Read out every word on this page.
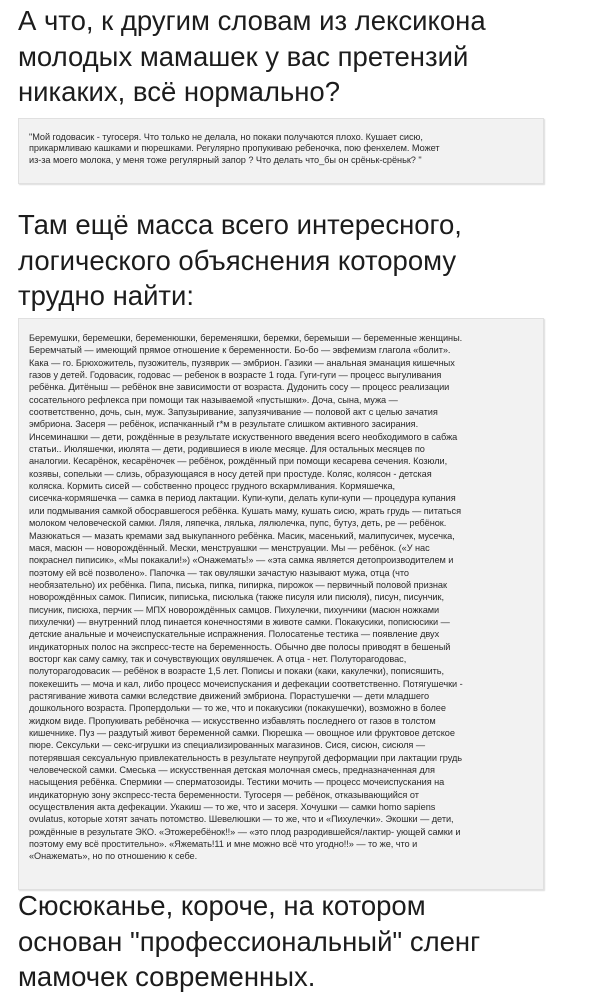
А что, к другим словам из лексикона
молодых мамашек у вас претензий
никаких, всё нормально?
"Мой годовасик - тугосеря. Что только не делала, но покаки получаются плохо. Кушает сисю,
прикармливаю кашками и пюрешками. Регулярно пропукиваю ребеночка, пою фенхелем. Может
из-за моего молока, у меня тоже регулярный запор ? Что делать что_бы он срёньк-срёньк? "
Там ещё масса всего интересного,
логического объяснения которому
трудно найти:
Беремушки, беремешки, беременюшки, беременяшки, беремки, беремыши — беременные женщины.
Беремчатый — имеющий прямое отношение к беременности. Бо-бо — эвфемизм глагола «болит».
Кака — го. Брюхожитель, пузожитель, пузяврик — эмбрион. Газики — анальная эманация кишечных
газов у детей. Годовасик, годовас — ребенок в возрасте 1 года. Гуги-гуги — процесс выгуливания
ребёнка. Дитёныш — ребёнок вне зависимости от возраста. Дудонить сосу — процесс реализации
сосательного рефлекса при помощи так называемой «пустышки». Доча, сына, мужа —
соответственно, дочь, сын, муж. Запузыривание, запузячивание — половой акт с целью зачатия
эмбриона. Засеря — ребёнок, испачканный г*м в результате слишком активного засирания.
Инсеминашки — дети, рождённые в результате искуственного введения всего необходимого в сабжа
статьи.. Июляшечки, июлята — дети, родившиеся в июле месяце. Для остальных месяцев по
аналогии. Кесарёнок, кесарёночек — ребёнок, рождённый при помощи кесарева сечения. Козюли,
козявы, сопельки — слизь, образующаяся в носу детей при простуде. Коляс, колясон - детская
коляска. Кормить сисей — собственно процесс грудного вскармливания. Кормяшечка,
сисечка-кормяшечка — самка в период лактации. Купи-купи, делать купи-купи — процедура купания
или подмывания самкой обосравшегося ребёнка. Кушать маму, кушать сисю, жрать грудь — питаться
молоком человеческой самки. Ляля, ляпечка, лялька, лялюлечка, пупс, бутуз, деть, ре — ребёнок.
Мазюкаться — мазать кремами зад выкупанного ребёнка. Масик, масенький, малипусичек, мусечка,
мася, масюн — новорождённый. Мески, менструашки — менструации. Мы — ребёнок. («У нас
покраснел пиписик», «Мы покакали!») «Онажемать!» — «эта самка является детопроизводителем и
поэтому ей всё позволено». Папочка — так овуляшки зачастую называют мужа, отца (что
необязательно) их ребёнка. Пипа, писька, пипка, пипирка, пирожок — первичный половой признак
новорождённых самок. Пиписик, пиписька, писюлька (также писуля или писюля), писун, писунчик,
писуник, писюха, перчик — МПХ новорождённых самцов. Пихулечки, пихунчики (масюн ножками
пихулечки) — внутренний плод пинается конечностями в животе самки. Покакусики, пописюсики —
детские анальные и мочеиспускательные испражнения. Полосатенье тестика — появление двух
индикаторных полос на экспресс-тесте на беременность. Обычно две полосы приводят в бешеный
восторг как саму самку, так и сочувствующих овуляшечек. А отца - нет. Полуторагодовас,
полуторагодовасик — ребёнок в возрасте 1,5 лет. Пописы и покаки (каки, какулечки), пописяшить,
покекешить — моча и кал, либо процесс мочеиспускания и дефекации соответственно. Потягушечки -
растягивание живота самки вследствие движений эмбриона. Порастушечки — дети младшего
дошкольного возраста. Пропердольки — то же, что и покакусики (покакушечки), возможно в более
жидком виде. Пропукивать ребёночка — искусственно избавлять последнего от газов в толстом
кишечнике. Пуз — раздутый живот беременной самки. Пюрешка — овощное или фруктовое детское
пюре. Сексульки — секс-игрушки из специализированных магазинов. Сися, сисюн, сисюля —
потерявшая сексуальную привлекательность в результате неупругой деформации при лактации грудь
человеческой самки. Смеська — искусственная детская молочная смесь, предназначенная для
насыщения ребёнка. Спермики — сперматозоиды. Тестики мочить — процесс мочеиспускания на
индикаторную зону экспресс-теста беременности. Тугосеря — ребёнок, отказывающийся от
осуществления акта дефекации. Укакиш — то же, что и засеря. Хочушки — самки homo sapiens
ovulatus, которые хотят зачать потомство. Шевелюшки — то же, что и «Пихулечки». Экошки — дети,
рождённые в результате ЭКО. «Этожеребёнок!!» — «это плод разродившейся/лактир- ующей самки и
поэтому ему всё простительно». «Яжемать!11 и мне можно всё что угодно!!» — то же, что и
«Онажемать», но по отношению к себе.
Сюсюканье, короче, на котором
основан "профессиональный" сленг
мамочек современных.
